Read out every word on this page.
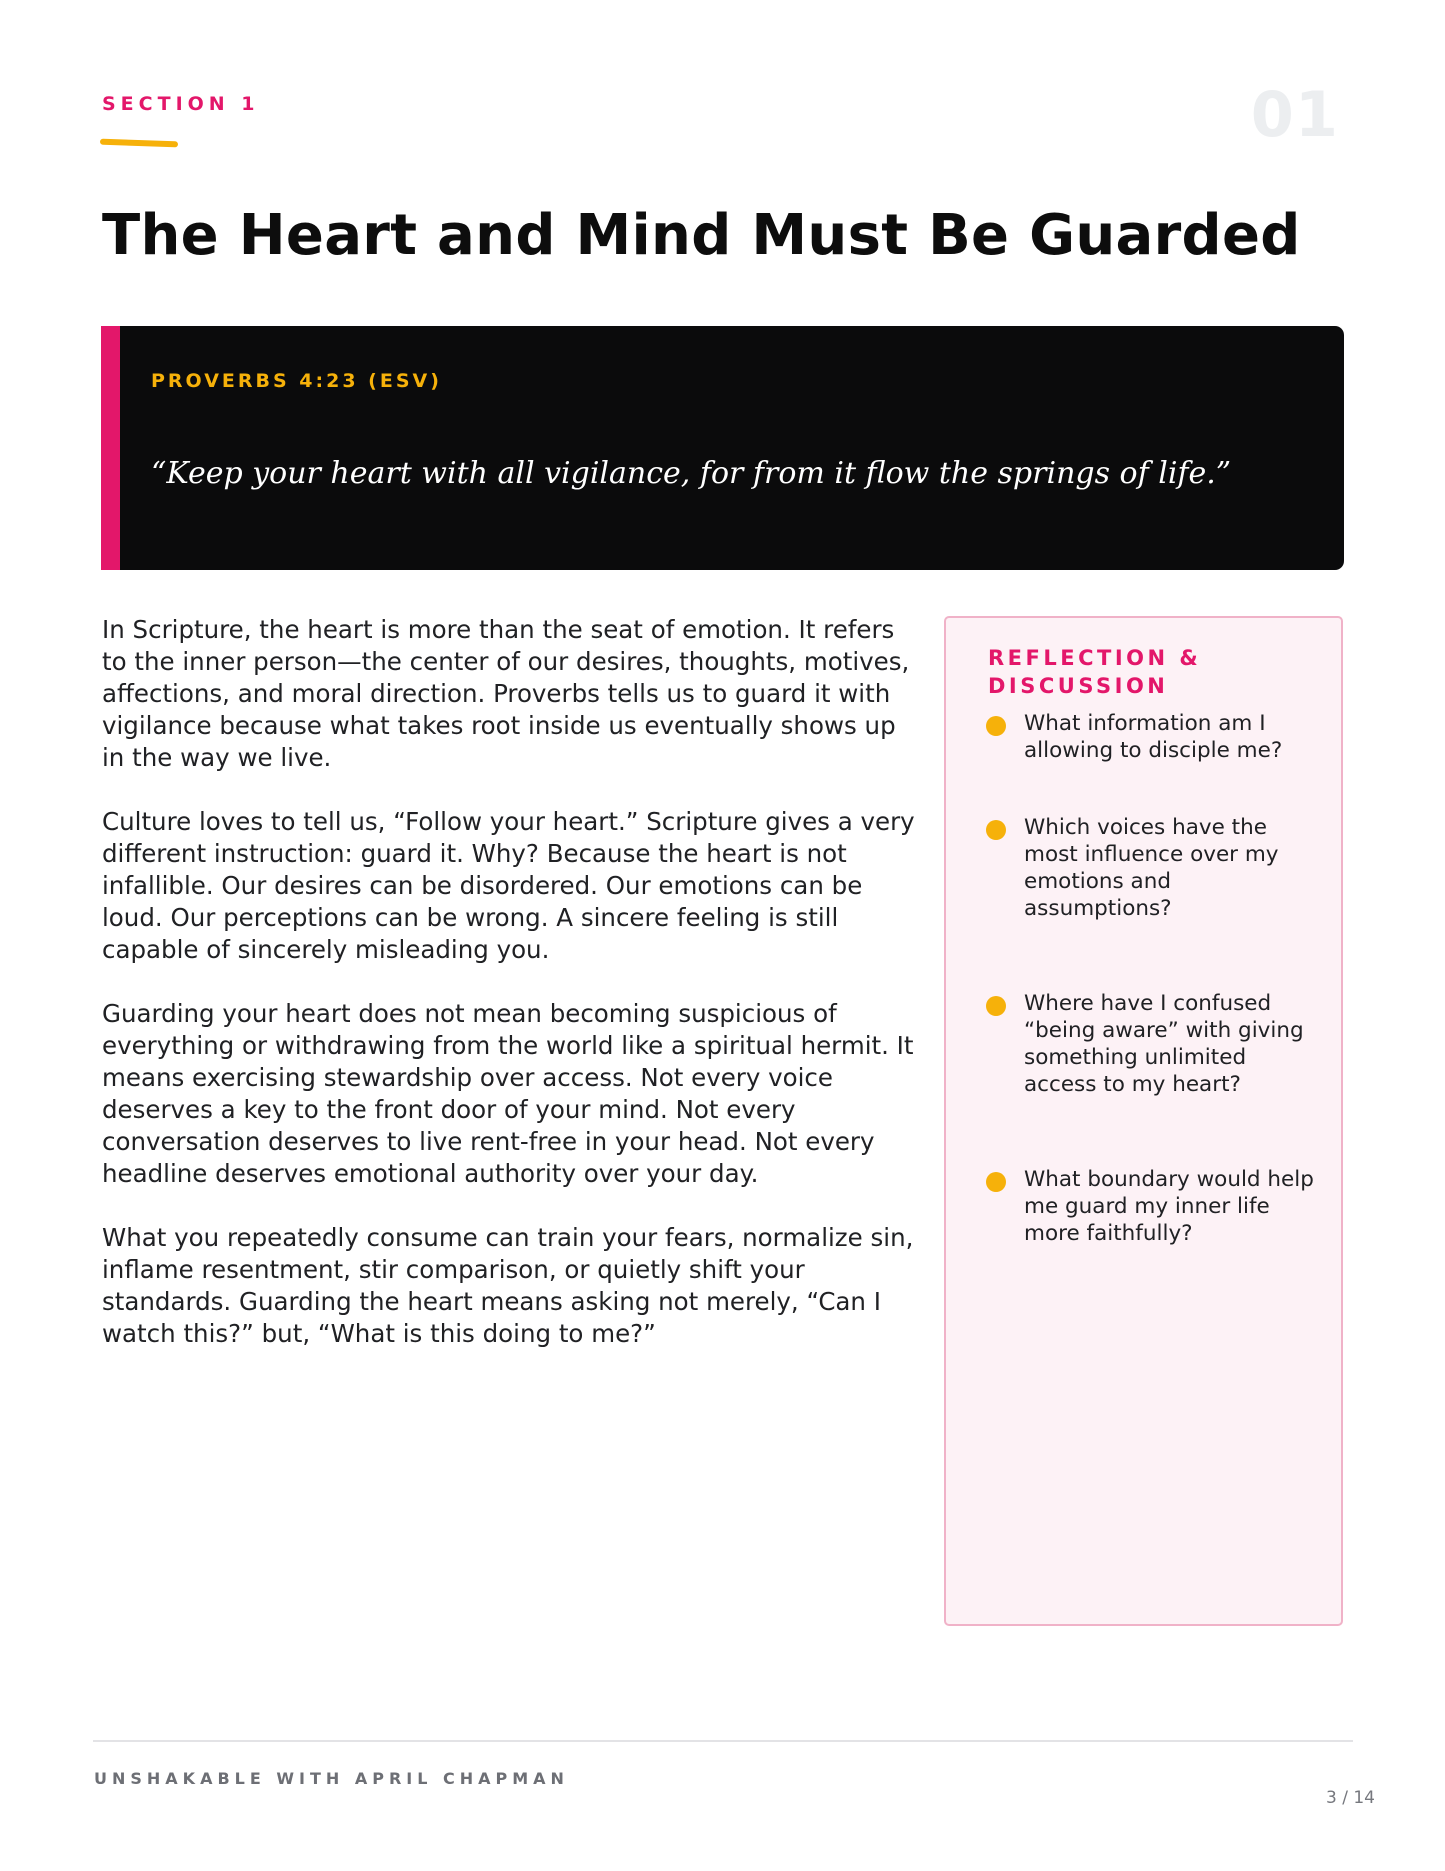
SECTION 1	01
The Heart and Mind Must Be Guarded
PROVERBS 4:23 (ESV)
“Keep your heart with all vigilance, for from it flow the springs of life.”

In Scripture, the heart is more than the seat of emotion. It refers to the inner person—the center of our desires, thoughts, motives, affections, and moral direction. Proverbs tells us to guard it with vigilance because what takes root inside us eventually shows up in the way we live.

Culture loves to tell us, “Follow your heart.” Scripture gives a very different instruction: guard it. Why? Because the heart is not infallible. Our desires can be disordered. Our emotions can be loud. Our perceptions can be wrong. A sincere feeling is still capable of sincerely misleading you.

Guarding your heart does not mean becoming suspicious of everything or withdrawing from the world like a spiritual hermit. It means exercising stewardship over access. Not every voice deserves a key to the front door of your mind. Not every conversation deserves to live rent-free in your head. Not every headline deserves emotional authority over your day.

What you repeatedly consume can train your fears, normalize sin, inflame resentment, stir comparison, or quietly shift your standards. Guarding the heart means asking not merely, “Can I watch this?” but, “What is this doing to me?”

REFLECTION & DISCUSSION
What information am I allowing to disciple me?
Which voices have the most influence over my emotions and assumptions?
Where have I confused “being aware” with giving something unlimited access to my heart?
What boundary would help me guard my inner life more faithfully?
UNSHAKABLE WITH APRIL CHAPMAN
3 / 14
